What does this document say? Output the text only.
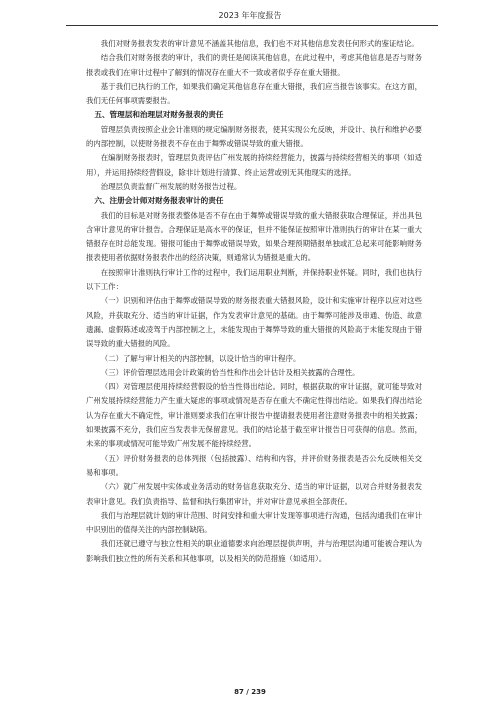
2023 年年度报告

我们对财务报表发表的审计意见不涵盖其他信息，我们也不对其他信息发表任何形式的鉴证结论。

结合我们对财务报表的审计，我们的责任是阅读其他信息，在此过程中，考虑其他信息是否与财务报表或我们在审计过程中了解到的情况存在重大不一致或者似乎存在重大错报。

基于我们已执行的工作，如果我们确定其他信息存在重大错报，我们应当报告该事实。在这方面，我们无任何事项需要报告。

五、管理层和治理层对财务报表的责任

管理层负责按照企业会计准则的规定编制财务报表，使其实现公允反映，并设计、执行和维护必要的内部控制，以使财务报表不存在由于舞弊或错误导致的重大错报。

在编制财务报表时，管理层负责评估广州发展的持续经营能力，披露与持续经营相关的事项（如适用），并运用持续经营假设，除非计划进行清算、终止运营或别无其他现实的选择。

治理层负责监督广州发展的财务报告过程。

六、注册会计师对财务报表审计的责任

我们的目标是对财务报表整体是否不存在由于舞弊或错误导致的重大错报获取合理保证，并出具包含审计意见的审计报告。合理保证是高水平的保证，但并不能保证按照审计准则执行的审计在某一重大错报存在时总能发现。错报可能由于舞弊或错误导致，如果合理预期错报单独或汇总起来可能影响财务报表使用者依据财务报表作出的经济决策，则通常认为错报是重大的。

在按照审计准则执行审计工作的过程中，我们运用职业判断，并保持职业怀疑。同时，我们也执行以下工作：

（一）识别和评估由于舞弊或错误导致的财务报表重大错报风险，设计和实施审计程序以应对这些风险，并获取充分、适当的审计证据，作为发表审计意见的基础。由于舞弊可能涉及串通、伪造、故意遗漏、虚假陈述或凌驾于内部控制之上，未能发现由于舞弊导致的重大错报的风险高于未能发现由于错误导致的重大错报的风险。

（二）了解与审计相关的内部控制，以设计恰当的审计程序。

（三）评价管理层选用会计政策的恰当性和作出会计估计及相关披露的合理性。

（四）对管理层使用持续经营假设的恰当性得出结论。同时，根据获取的审计证据，就可能导致对广州发展持续经营能力产生重大疑虑的事项或情况是否存在重大不确定性得出结论。如果我们得出结论认为存在重大不确定性，审计准则要求我们在审计报告中提请报表使用者注意财务报表中的相关披露；如果披露不充分，我们应当发表非无保留意见。我们的结论基于截至审计报告日可获得的信息。然而，未来的事项或情况可能导致广州发展不能持续经营。

（五）评价财务报表的总体列报（包括披露）、结构和内容，并评价财务报表是否公允反映相关交易和事项。

（六）就广州发展中实体或业务活动的财务信息获取充分、适当的审计证据，以对合并财务报表发表审计意见。我们负责指导、监督和执行集团审计，并对审计意见承担全部责任。

我们与治理层就计划的审计范围、时间安排和重大审计发现等事项进行沟通，包括沟通我们在审计中识别出的值得关注的内部控制缺陷。

我们还就已遵守与独立性相关的职业道德要求向治理层提供声明，并与治理层沟通可能被合理认为影响我们独立性的所有关系和其他事项，以及相关的防范措施（如适用）。

87 / 239
